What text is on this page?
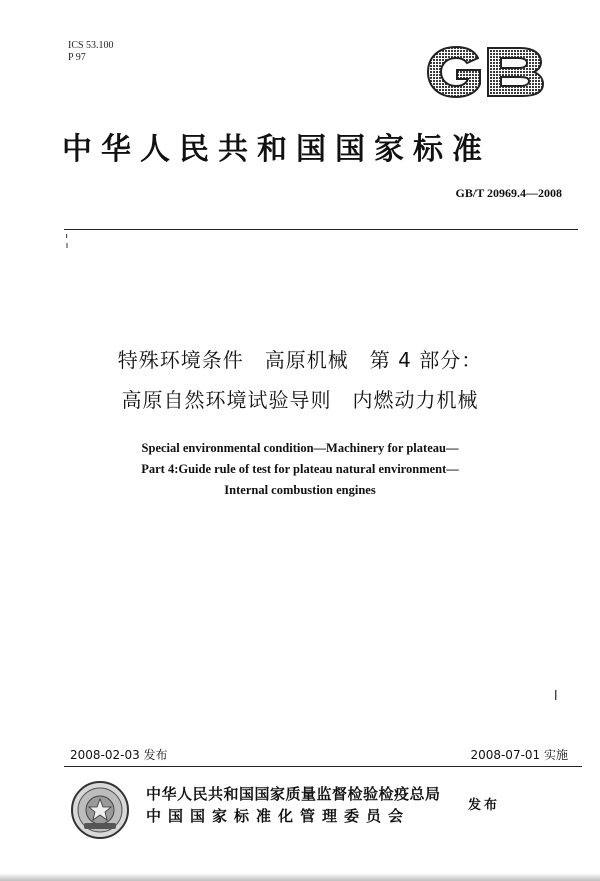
ICS 53.100
P 97
中华人民共和国国家标准
GB/T 20969.4—2008
特殊环境条件　高原机械　第 4 部分：
高原自然环境试验导则　内燃动力机械
Special environmental condition—Machinery for plateau—
Part 4:Guide rule of test for plateau natural environment—
Internal combustion engines
2008-02-03 发布	2008-07-01 实施
中华人民共和国国家质量监督检验检疫总局
中国国家标准化管理委员会
发布
